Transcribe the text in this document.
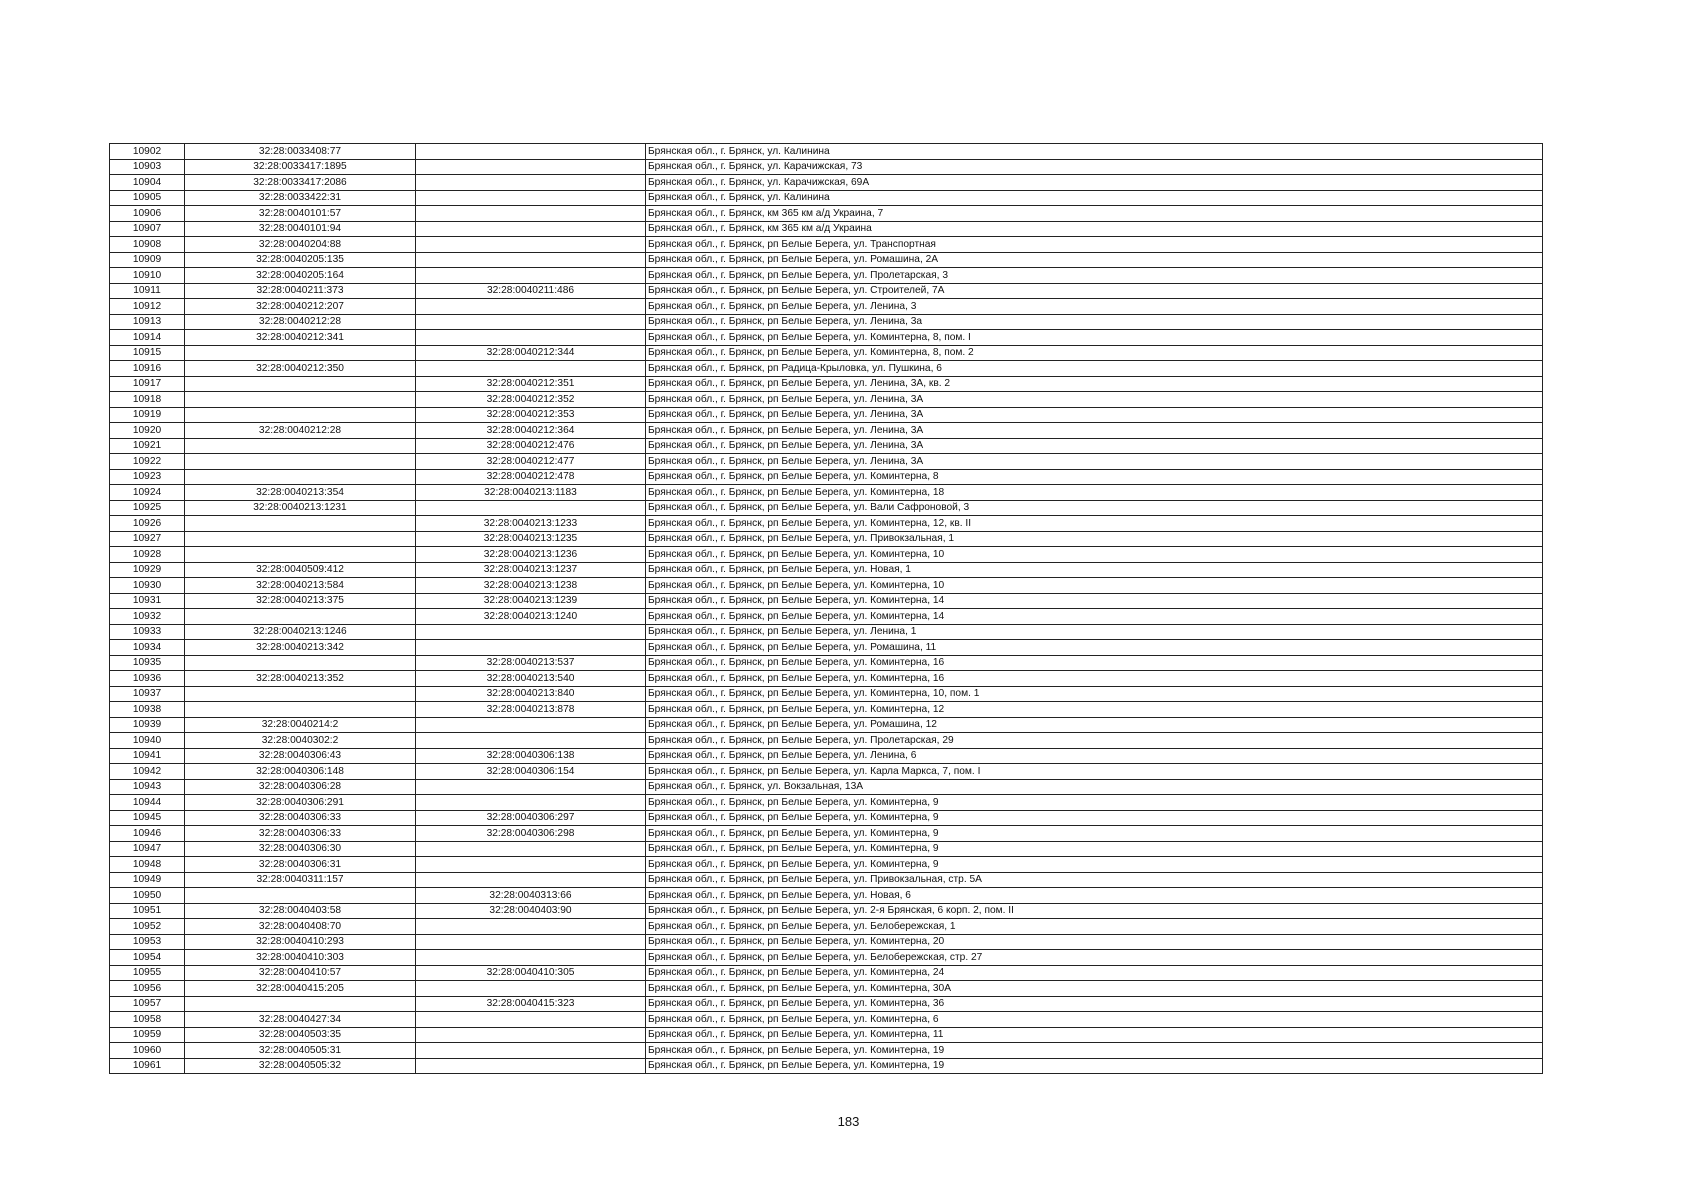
10902	32:28:0033408:77		Брянская обл., г. Брянск, ул. Калинина
10903	32:28:0033417:1895		Брянская обл., г. Брянск, ул. Карачижская, 73
10904	32:28:0033417:2086		Брянская обл., г. Брянск, ул. Карачижская, 69А
10905	32:28:0033422:31		Брянская обл., г. Брянск, ул. Калинина
10906	32:28:0040101:57		Брянская обл., г. Брянск, км 365 км а/д Украина, 7
10907	32:28:0040101:94		Брянская обл., г. Брянск, км 365 км а/д Украина
10908	32:28:0040204:88		Брянская обл., г. Брянск, рп Белые Берега, ул. Транспортная
10909	32:28:0040205:135		Брянская обл., г. Брянск, рп Белые Берега, ул. Ромашина, 2А
10910	32:28:0040205:164		Брянская обл., г. Брянск, рп Белые Берега, ул. Пролетарская, 3
10911	32:28:0040211:373	32:28:0040211:486	Брянская обл., г. Брянск, рп Белые Берега, ул. Строителей, 7А
10912	32:28:0040212:207		Брянская обл., г. Брянск, рп Белые Берега, ул. Ленина, 3
10913	32:28:0040212:28		Брянская обл., г. Брянск, рп Белые Берега, ул. Ленина, 3а
10914	32:28:0040212:341		Брянская обл., г. Брянск, рп Белые Берега, ул. Коминтерна, 8, пом. I
10915		32:28:0040212:344	Брянская обл., г. Брянск, рп Белые Берега, ул. Коминтерна, 8, пом. 2
10916	32:28:0040212:350		Брянская обл., г. Брянск, рп Радица-Крыловка, ул. Пушкина, 6
10917		32:28:0040212:351	Брянская обл., г. Брянск, рп Белые Берега, ул. Ленина, 3А, кв. 2
10918		32:28:0040212:352	Брянская обл., г. Брянск, рп Белые Берега, ул. Ленина, 3А
10919		32:28:0040212:353	Брянская обл., г. Брянск, рп Белые Берега, ул. Ленина, 3А
10920	32:28:0040212:28	32:28:0040212:364	Брянская обл., г. Брянск, рп Белые Берега, ул. Ленина, 3А
10921		32:28:0040212:476	Брянская обл., г. Брянск, рп Белые Берега, ул. Ленина, 3А
10922		32:28:0040212:477	Брянская обл., г. Брянск, рп Белые Берега, ул. Ленина, 3А
10923		32:28:0040212:478	Брянская обл., г. Брянск, рп Белые Берега, ул. Коминтерна, 8
10924	32:28:0040213:354	32:28:0040213:1183	Брянская обл., г. Брянск, рп Белые Берега, ул. Коминтерна, 18
10925	32:28:0040213:1231		Брянская обл., г. Брянск, рп Белые Берега, ул. Вали Сафроновой, 3
10926		32:28:0040213:1233	Брянская обл., г. Брянск, рп Белые Берега, ул. Коминтерна, 12, кв. II
10927		32:28:0040213:1235	Брянская обл., г. Брянск, рп Белые Берега, ул. Привокзальная, 1
10928		32:28:0040213:1236	Брянская обл., г. Брянск, рп Белые Берега, ул. Коминтерна, 10
10929	32:28:0040509:412	32:28:0040213:1237	Брянская обл., г. Брянск, рп Белые Берега, ул. Новая, 1
10930	32:28:0040213:584	32:28:0040213:1238	Брянская обл., г. Брянск, рп Белые Берега, ул. Коминтерна, 10
10931	32:28:0040213:375	32:28:0040213:1239	Брянская обл., г. Брянск, рп Белые Берега, ул. Коминтерна, 14
10932		32:28:0040213:1240	Брянская обл., г. Брянск, рп Белые Берега, ул. Коминтерна, 14
10933	32:28:0040213:1246		Брянская обл., г. Брянск, рп Белые Берега, ул. Ленина, 1
10934	32:28:0040213:342		Брянская обл., г. Брянск, рп Белые Берега, ул. Ромашина, 11
10935		32:28:0040213:537	Брянская обл., г. Брянск, рп Белые Берега, ул. Коминтерна, 16
10936	32:28:0040213:352	32:28:0040213:540	Брянская обл., г. Брянск, рп Белые Берега, ул. Коминтерна, 16
10937		32:28:0040213:840	Брянская обл., г. Брянск, рп Белые Берега, ул. Коминтерна, 10, пом. 1
10938		32:28:0040213:878	Брянская обл., г. Брянск, рп Белые Берега, ул. Коминтерна, 12
10939	32:28:0040214:2		Брянская обл., г. Брянск, рп Белые Берега, ул. Ромашина, 12
10940	32:28:0040302:2		Брянская обл., г. Брянск, рп Белые Берега, ул. Пролетарская, 29
10941	32:28:0040306:43	32:28:0040306:138	Брянская обл., г. Брянск, рп Белые Берега, ул. Ленина, 6
10942	32:28:0040306:148	32:28:0040306:154	Брянская обл., г. Брянск, рп Белые Берега, ул. Карла Маркса, 7, пом. I
10943	32:28:0040306:28		Брянская обл., г. Брянск, ул. Вокзальная, 13А
10944	32:28:0040306:291		Брянская обл., г. Брянск, рп Белые Берега, ул. Коминтерна, 9
10945	32:28:0040306:33	32:28:0040306:297	Брянская обл., г. Брянск, рп Белые Берега, ул. Коминтерна, 9
10946	32:28:0040306:33	32:28:0040306:298	Брянская обл., г. Брянск, рп Белые Берега, ул. Коминтерна, 9
10947	32:28:0040306:30		Брянская обл., г. Брянск, рп Белые Берега, ул. Коминтерна, 9
10948	32:28:0040306:31		Брянская обл., г. Брянск, рп Белые Берега, ул. Коминтерна, 9
10949	32:28:0040311:157		Брянская обл., г. Брянск, рп Белые Берега, ул. Привокзальная, стр. 5А
10950		32:28:0040313:66	Брянская обл., г. Брянск, рп Белые Берега, ул. Новая, 6
10951	32:28:0040403:58	32:28:0040403:90	Брянская обл., г. Брянск, рп Белые Берега, ул. 2-я Брянская, 6 корп. 2, пом. II
10952	32:28:0040408:70		Брянская обл., г. Брянск, рп Белые Берега, ул. Белобережская, 1
10953	32:28:0040410:293		Брянская обл., г. Брянск, рп Белые Берега, ул. Коминтерна, 20
10954	32:28:0040410:303		Брянская обл., г. Брянск, рп Белые Берега, ул. Белобережская, стр. 27
10955	32:28:0040410:57	32:28:0040410:305	Брянская обл., г. Брянск, рп Белые Берега, ул. Коминтерна, 24
10956	32:28:0040415:205		Брянская обл., г. Брянск, рп Белые Берега, ул. Коминтерна, 30А
10957		32:28:0040415:323	Брянская обл., г. Брянск, рп Белые Берега, ул. Коминтерна, 36
10958	32:28:0040427:34		Брянская обл., г. Брянск, рп Белые Берега, ул. Коминтерна, 6
10959	32:28:0040503:35		Брянская обл., г. Брянск, рп Белые Берега, ул. Коминтерна, 11
10960	32:28:0040505:31		Брянская обл., г. Брянск, рп Белые Берега, ул. Коминтерна, 19
10961	32:28:0040505:32		Брянская обл., г. Брянск, рп Белые Берега, ул. Коминтерна, 19
183
